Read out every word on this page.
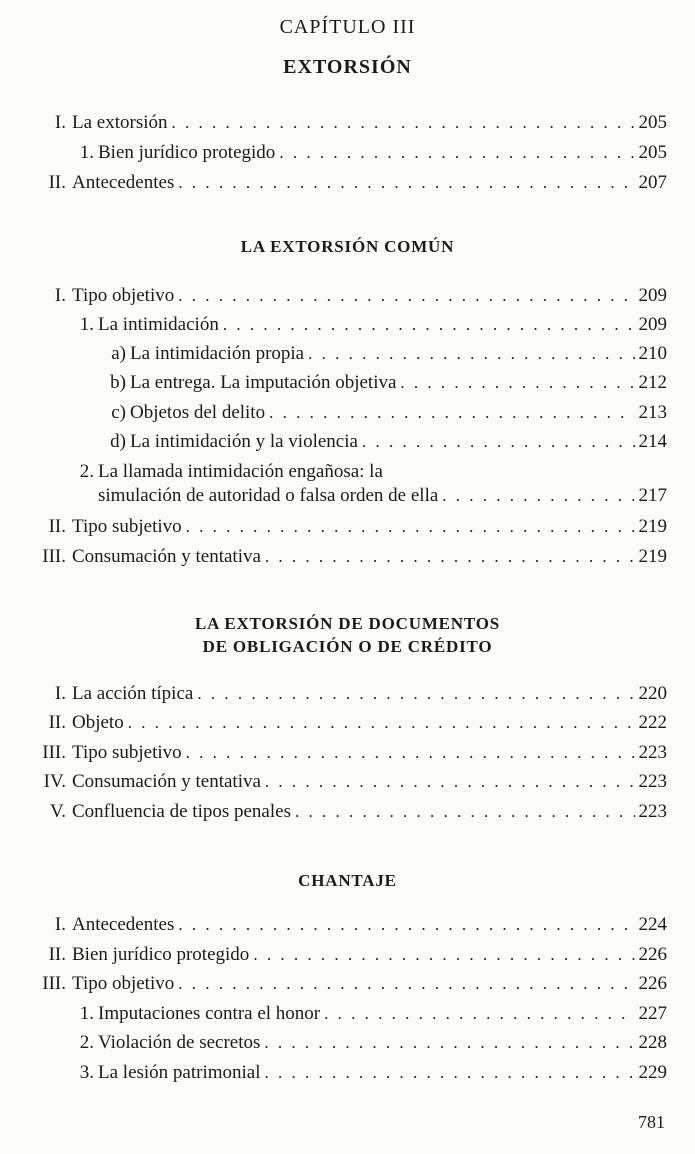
CAPÍTULO III
EXTORSIÓN
I. La extorsión . . .	205
1. Bien jurídico protegido . . .	205
II. Antecedentes . . .	207
LA EXTORSIÓN COMÚN
I. Tipo objetivo . . .	209
1. La intimidación . . .	209
a) La intimidación propia . . .	210
b) La entrega. La imputación objetiva . . .	212
c) Objetos del delito . . .	213
d) La intimidación y la violencia . . .	214
2. La llamada intimidación engañosa: la
simulación de autoridad o falsa orden de ella . . .	217
II. Tipo subjetivo . . .	219
III. Consumación y tentativa . . .	219
LA EXTORSIÓN DE DOCUMENTOS
DE OBLIGACIÓN O DE CRÉDITO
I. La acción típica . . .	220
II. Objeto . . .	222
III. Tipo subjetivo . . .	223
IV. Consumación y tentativa . . .	223
V. Confluencia de tipos penales . . .	223
CHANTAJE
I. Antecedentes . . .	224
II. Bien jurídico protegido . . .	226
III. Tipo objetivo . . .	226
1. Imputaciones contra el honor . . .	227
2. Violación de secretos . . .	228
3. La lesión patrimonial . . .	229
781
